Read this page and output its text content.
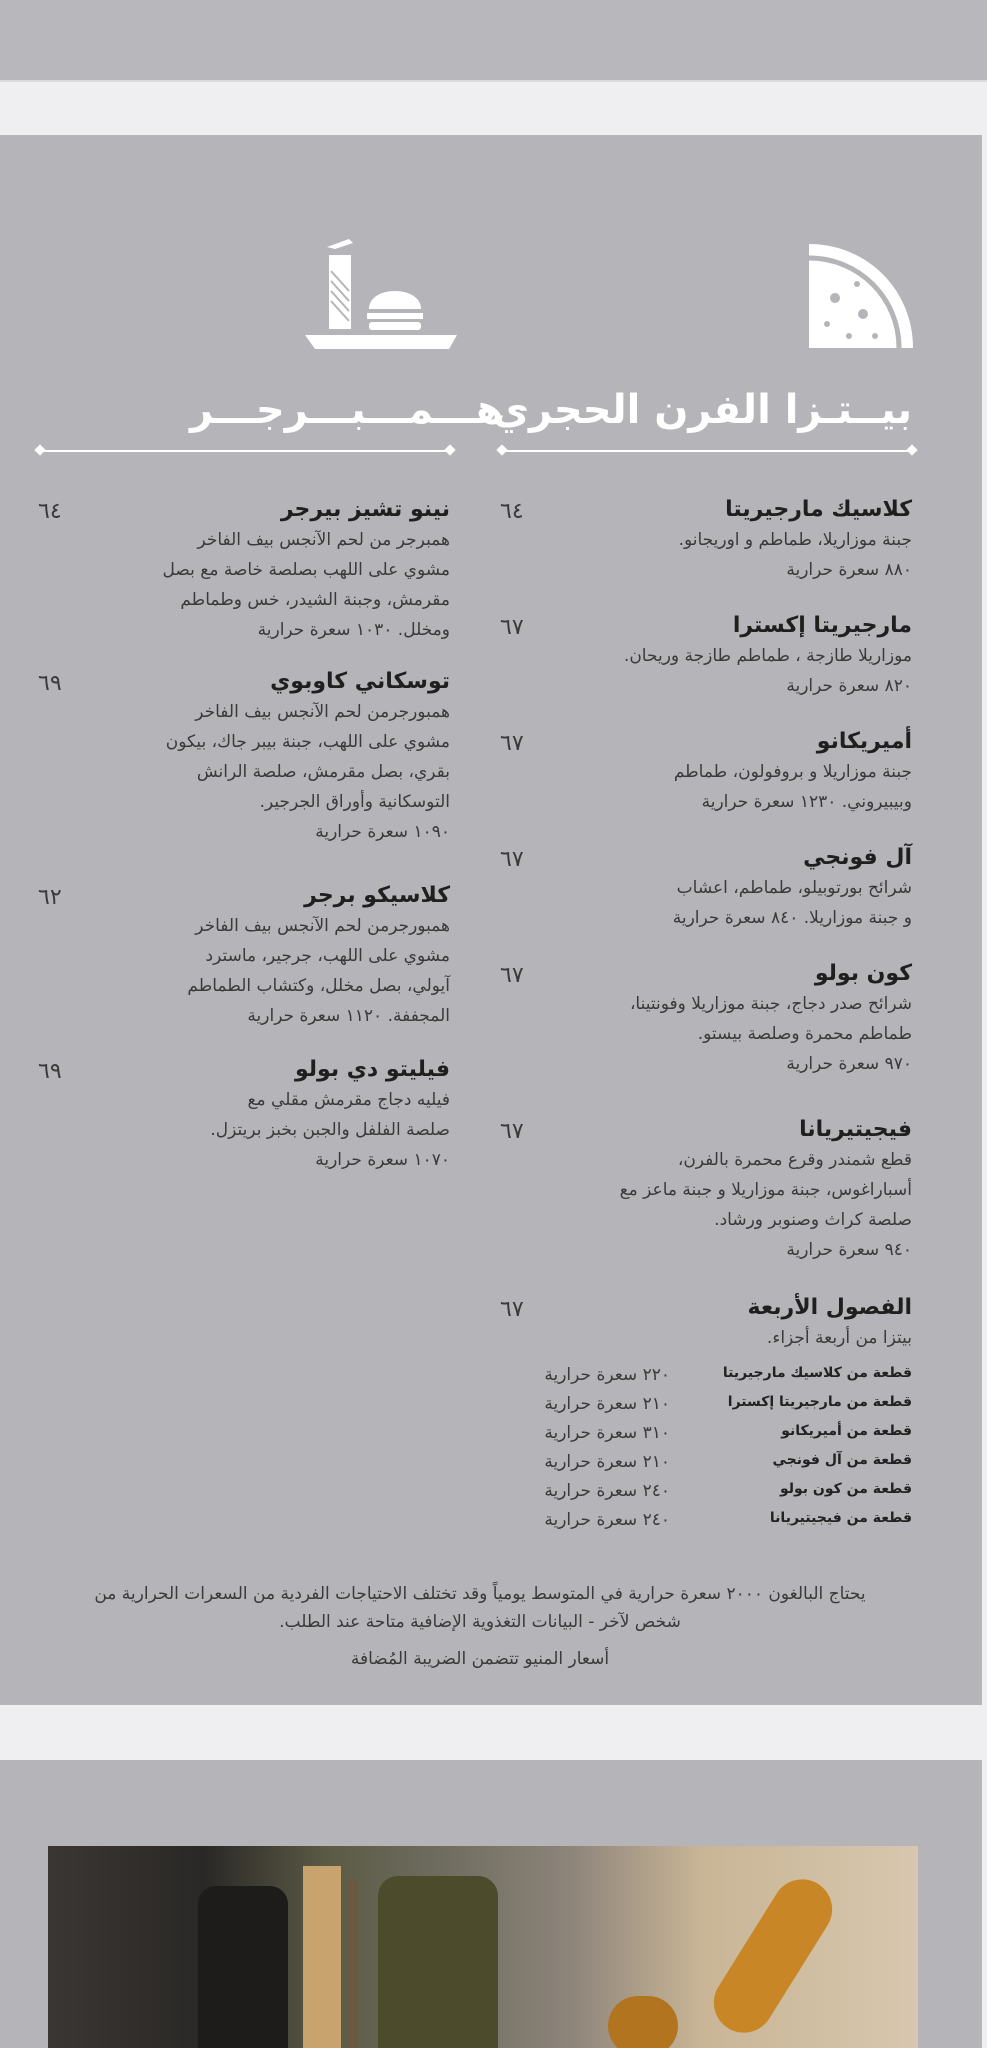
بيــتـزا الفرن الحجري
هـــمـــبـــرجـــر
يحتاج البالغون ٢٠٠٠ سعرة حرارية في المتوسط يومياً وقد تختلف الاحتياجات الفردية من السعرات الحرارية من
شخص لآخر - البيانات التغذوية الإضافية متاحة عند الطلب.
أسعار المنيو تتضمن الضريبة المُضافة
كلاسيك مارجيريتا
جبنة موزاريلا، طماطم و اوريجانو.
٨٨٠ سعرة حرارية
٦٤
مارجيريتا إكسترا
موزاريلا طازجة ، طماطم طازجة وريحان.
٨٢٠ سعرة حرارية
٦٧
أميريكانو
جبنة موزاريلا و بروفولون، طماطم
وبيبيروني. ١٢٣٠ سعرة حرارية
٦٧
آل فونجي
شرائح بورتوبيلو، طماطم، اعشاب
و جبنة موزاريلا. ٨٤٠ سعرة حرارية
٦٧
كون بولو
شرائح صدر دجاج، جبنة موزاريلا وفونتينا،
طماطم محمرة وصلصة بيستو.
٩٧٠ سعرة حرارية
٦٧
فيجيتيريانا
قطع شمندر وقرع محمرة بالفرن،
أسباراغوس، جبنة موزاريلا و جبنة ماعز مع
صلصة كراث وصنوبر ورشاد.
٩٤٠ سعرة حرارية
٦٧
الفصول الأربعة
بيتزا من أربعة أجزاء.
٦٧
نينو تشيز بيرجر
همبرجر من لحم الآنجس بيف الفاخر
مشوي على اللهب بصلصة خاصة مع بصل
مقرمش، وجبنة الشيدر، خس وطماطم
ومخلل. ١٠٣٠ سعرة حرارية
٦٤
توسكاني كاوبوي
همبورجرمن لحم الآنجس بيف الفاخر
مشوي على اللهب، جبنة بيبر جاك، بيكون
بقري، بصل مقرمش، صلصة الرانش
التوسكانية وأوراق الجرجير.
١٠٩٠ سعرة حرارية
٦٩
كلاسيكو برجر
همبورجرمن لحم الآنجس بيف الفاخر
مشوي على اللهب، جرجير، ماسترد
آيولي، بصل مخلل، وكتشاب الطماطم
المجففة. ١١٢٠ سعرة حرارية
٦٢
فيليتو دي بولو
فيليه دجاج مقرمش مقلي مع
صلصة الفلفل والجبن بخبز بريتزل.
١٠٧٠ سعرة حرارية
٦٩
قطعة من كلاسيك مارجيريتا
٢٢٠ سعرة حرارية
قطعة من مارجيريتا إكسترا
٢١٠ سعرة حرارية
قطعة من أميريكانو
٣١٠ سعرة حرارية
قطعة من آل فونجي
٢١٠ سعرة حرارية
قطعة من كون بولو
٢٤٠ سعرة حرارية
قطعة من فيجيتيريانا
٢٤٠ سعرة حرارية
